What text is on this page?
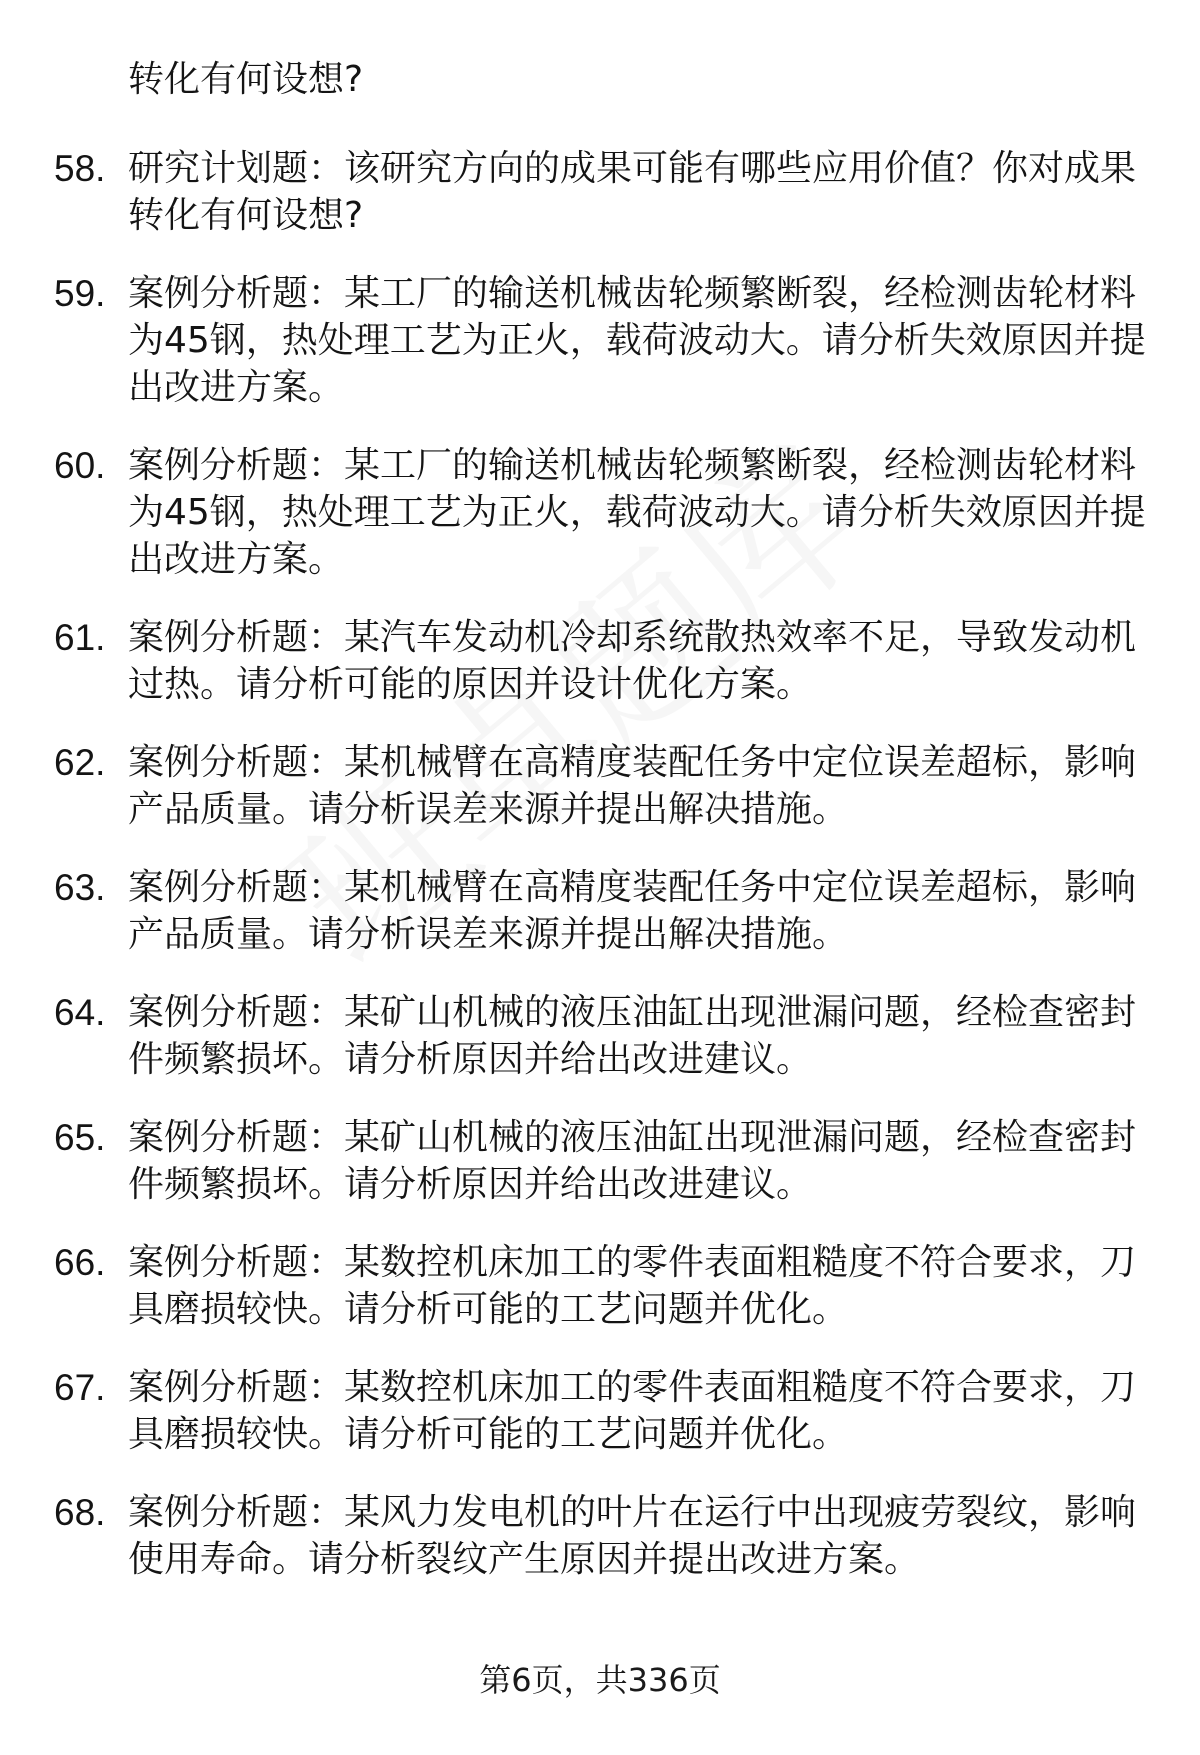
转化有何设想?
58. 研究计划题：该研究方向的成果可能有哪些应用价值？你对成果
转化有何设想?
59. 案例分析题：某工厂的输送机械齿轮频繁断裂，经检测齿轮材料
为45钢，热处理工艺为正火，载荷波动大。请分析失效原因并提
出改进方案。
60. 案例分析题：某工厂的输送机械齿轮频繁断裂，经检测齿轮材料
为45钢，热处理工艺为正火，载荷波动大。请分析失效原因并提
出改进方案。
61. 案例分析题：某汽车发动机冷却系统散热效率不足，导致发动机
过热。请分析可能的原因并设计优化方案。
62. 案例分析题：某机械臂在高精度装配任务中定位误差超标，影响
产品质量。请分析误差来源并提出解决措施。
63. 案例分析题：某机械臂在高精度装配任务中定位误差超标，影响
产品质量。请分析误差来源并提出解决措施。
64. 案例分析题：某矿山机械的液压油缸出现泄漏问题，经检查密封
件频繁损坏。请分析原因并给出改进建议。
65. 案例分析题：某矿山机械的液压油缸出现泄漏问题，经检查密封
件频繁损坏。请分析原因并给出改进建议。
66. 案例分析题：某数控机床加工的零件表面粗糙度不符合要求，刀
具磨损较快。请分析可能的工艺问题并优化。
67. 案例分析题：某数控机床加工的零件表面粗糙度不符合要求，刀
具磨损较快。请分析可能的工艺问题并优化。
68. 案例分析题：某风力发电机的叶片在运行中出现疲劳裂纹，影响
使用寿命。请分析裂纹产生原因并提出改进方案。
第6页，共336页
